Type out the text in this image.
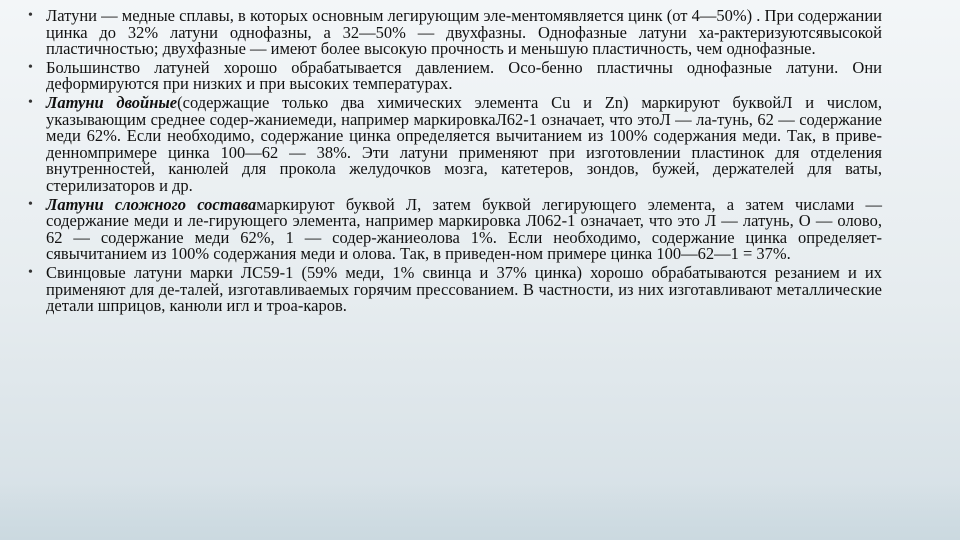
• Латуни — медные сплавы, в которых основным легирующим эле-ментомявляется цинк (от 4—50%) . При содержании цинка до 32% латуни однофазны, а 32—50% — двухфазны. Однофазные латуни ха-рактеризуютсявысокой пластичностью; двухфазные — имеют более высокую прочность и меньшую пластичность, чем однофазные.
• Большинство латуней хорошо обрабатывается давлением. Осо-бенно пластичны однофазные латуни. Они деформируются при низких и при высоких температурах.
• Латуни двойные(содержащие только два химических элемента Cu и Zn) маркируют буквойЛ и числом, указывающим среднее содер-жаниемеди, например маркировкаЛ62-1 означает, что этоЛ — ла-тунь, 62 — содержание меди 62%. Если необходимо, содержание цинка определяется вычитанием из 100% содержания меди. Так, в приве-денномпримере цинка 100—62 — 38%. Эти латуни применяют при изготовлении пластинок для отделения внутренностей, канюлей для прокола желудочков мозга, катетеров, зондов, бужей, держателей для ваты, стерилизаторов и др.
• Латуни сложного составамаркируют буквой Л, затем буквой легирующего элемента, а затем числами — содержание меди и ле-гирующего элемента, например маркировка Л062-1 означает, что это Л — латунь, О — олово, 62 — содержание меди 62%, 1 — содер-жаниеолова 1%. Если необходимо, содержание цинка определяет-сявычитанием из 100% содержания меди и олова. Так, в приведен-ном примере цинка 100—62—1 = 37%.
• Свинцовые латуни марки ЛС59-1 (59% меди, 1% свинца и 37% цинка) хорошо обрабатываются резанием и их применяют для де-талей, изготавливаемых горячим прессованием. В частности, из них изготавливают металлические детали шприцов, канюли игл и троа-каров.
